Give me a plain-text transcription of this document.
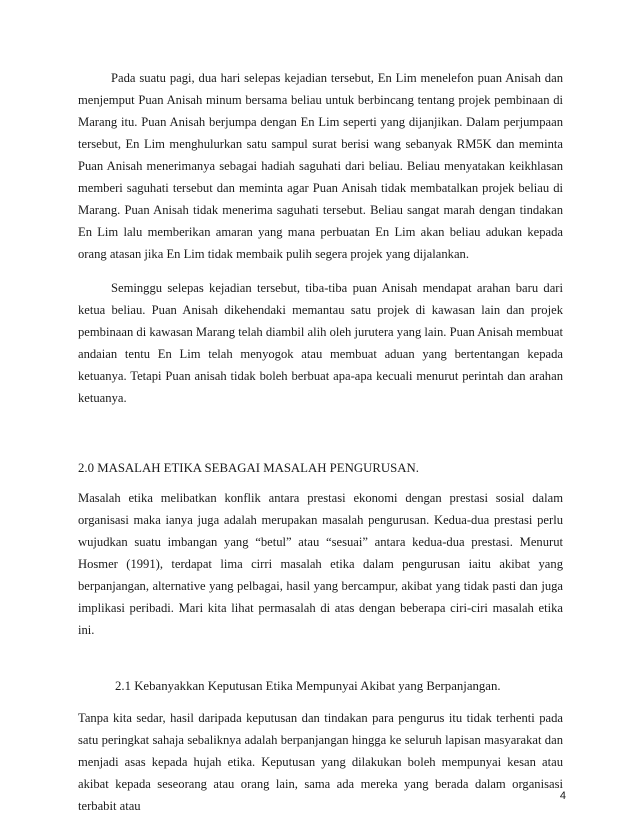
Pada suatu pagi, dua hari selepas kejadian tersebut, En Lim menelefon puan Anisah dan menjemput Puan Anisah minum bersama beliau untuk berbincang tentang projek pembinaan di Marang itu. Puan Anisah berjumpa dengan En Lim seperti yang dijanjikan. Dalam perjumpaan tersebut, En Lim menghulurkan satu sampul surat berisi wang sebanyak RM5K dan meminta Puan Anisah menerimanya sebagai hadiah saguhati dari beliau. Beliau menyatakan keikhlasan memberi saguhati tersebut dan meminta agar Puan Anisah tidak membatalkan projek beliau di Marang. Puan Anisah tidak menerima saguhati tersebut. Beliau sangat marah dengan tindakan En Lim lalu memberikan amaran yang mana perbuatan En Lim akan beliau adukan kepada orang atasan jika En Lim tidak membaik pulih segera projek yang dijalankan.

Seminggu selepas kejadian tersebut, tiba-tiba puan Anisah mendapat arahan baru dari ketua beliau. Puan Anisah dikehendaki memantau satu projek di kawasan lain dan projek pembinaan di kawasan Marang telah diambil alih oleh jurutera yang lain. Puan Anisah membuat andaian tentu En Lim telah menyogok atau membuat aduan yang bertentangan kepada ketuanya. Tetapi Puan anisah tidak boleh berbuat apa-apa kecuali menurut perintah dan arahan ketuanya.

2.0 MASALAH ETIKA SEBAGAI MASALAH PENGURUSAN.

Masalah etika melibatkan konflik antara prestasi ekonomi dengan prestasi sosial dalam organisasi maka ianya juga adalah merupakan masalah pengurusan. Kedua-dua prestasi perlu wujudkan suatu imbangan yang “betul” atau “sesuai” antara kedua-dua prestasi. Menurut Hosmer (1991), terdapat lima cirri masalah etika dalam pengurusan iaitu akibat yang berpanjangan, alternative yang pelbagai, hasil yang bercampur, akibat yang tidak pasti dan juga implikasi peribadi. Mari kita lihat permasalah di atas dengan beberapa ciri-ciri masalah etika ini.

2.1 Kebanyakkan Keputusan Etika Mempunyai Akibat yang Berpanjangan.

Tanpa kita sedar, hasil daripada keputusan dan tindakan para pengurus itu tidak terhenti pada satu peringkat sahaja sebaliknya adalah berpanjangan hingga ke seluruh lapisan masyarakat dan menjadi asas kepada hujah etika. Keputusan yang dilakukan boleh mempunyai kesan atau akibat kepada seseorang atau orang lain, sama ada mereka yang berada dalam organisasi terbabit atau

4
